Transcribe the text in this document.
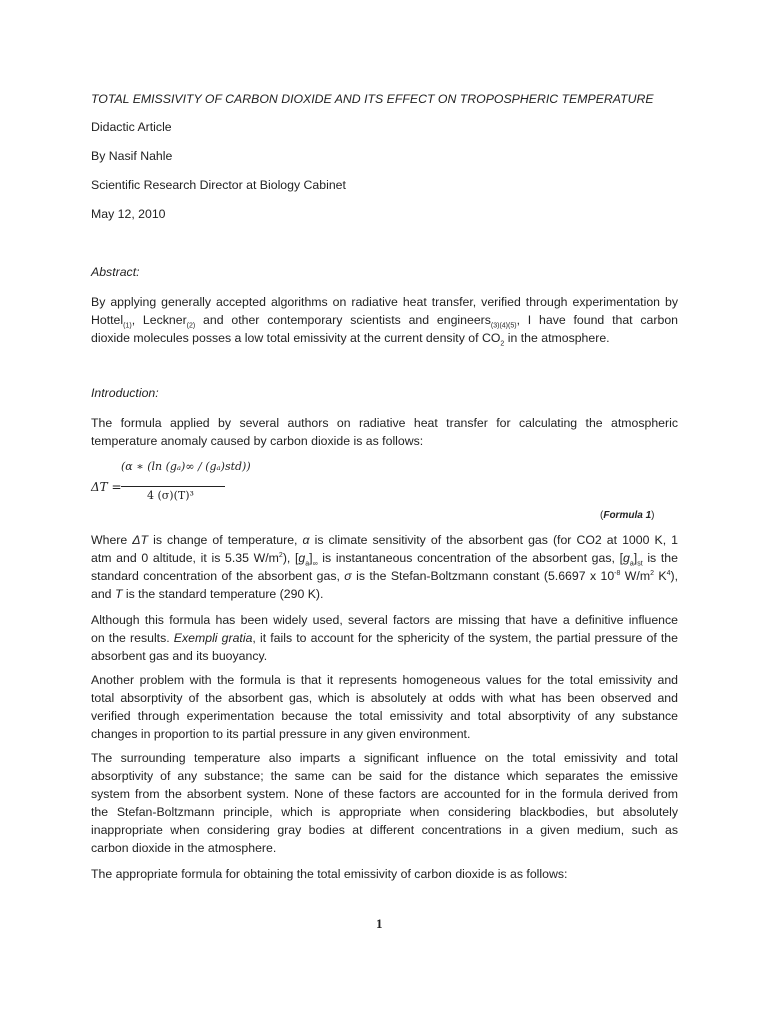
TOTAL EMISSIVITY OF CARBON DIOXIDE AND ITS EFFECT ON TROPOSPHERIC TEMPERATURE
Didactic Article
By Nasif Nahle
Scientific Research Director at Biology Cabinet
May 12, 2010
Abstract:
By applying generally accepted algorithms on radiative heat transfer, verified through experimentation by
Hottel$_{(1)}$, Leckner$_{(2)}$ and other contemporary scientists and engineers$_{(3)(4)(5)}$, I have found that carbon
dioxide molecules posses a low total emissivity at the current density of $CO_2$ in the atmosphere.
Introduction:
The formula applied by several authors on radiative heat transfer for calculating the atmospheric
temperature anomaly caused by carbon dioxide is as follows:
ΔT =
(α ∗ (ln (gₐ)∞ / (gₐ)std))
4 (σ)(T)³
(Formula 1)
Where ΔT is change of temperature, α is climate sensitivity of the absorbent gas (for CO2 at 1000 K, 1
atm and 0 altitude, it is 5.35 $W/m^2$), $[g_a]_\infty$ is instantaneous concentration of the absorbent gas, $[g_a]_{st}$ is the
standard concentration of the absorbent gas, σ is the Stefan-Boltzmann constant (5.6697 x $10^{-8}$ $W/m^2$ $K^4$),
and T is the standard temperature (290 K).
Although this formula has been widely used, several factors are missing that have a definitive influence
on the results. Exempli gratia, it fails to account for the sphericity of the system, the partial pressure of the
absorbent gas and its buoyancy.
Another problem with the formula is that it represents homogeneous values for the total emissivity and
total absorptivity of the absorbent gas, which is absolutely at odds with what has been observed and
verified through experimentation because the total emissivity and total absorptivity of any substance
changes in proportion to its partial pressure in any given environment.
The surrounding temperature also imparts a significant influence on the total emissivity and total
absorptivity of any substance; the same can be said for the distance which separates the emissive
system from the absorbent system. None of these factors are accounted for in the formula derived from
the Stefan-Boltzmann principle, which is appropriate when considering blackbodies, but absolutely
inappropriate when considering gray bodies at different concentrations in a given medium, such as
carbon dioxide in the atmosphere.
The appropriate formula for obtaining the total emissivity of carbon dioxide is as follows:
1
